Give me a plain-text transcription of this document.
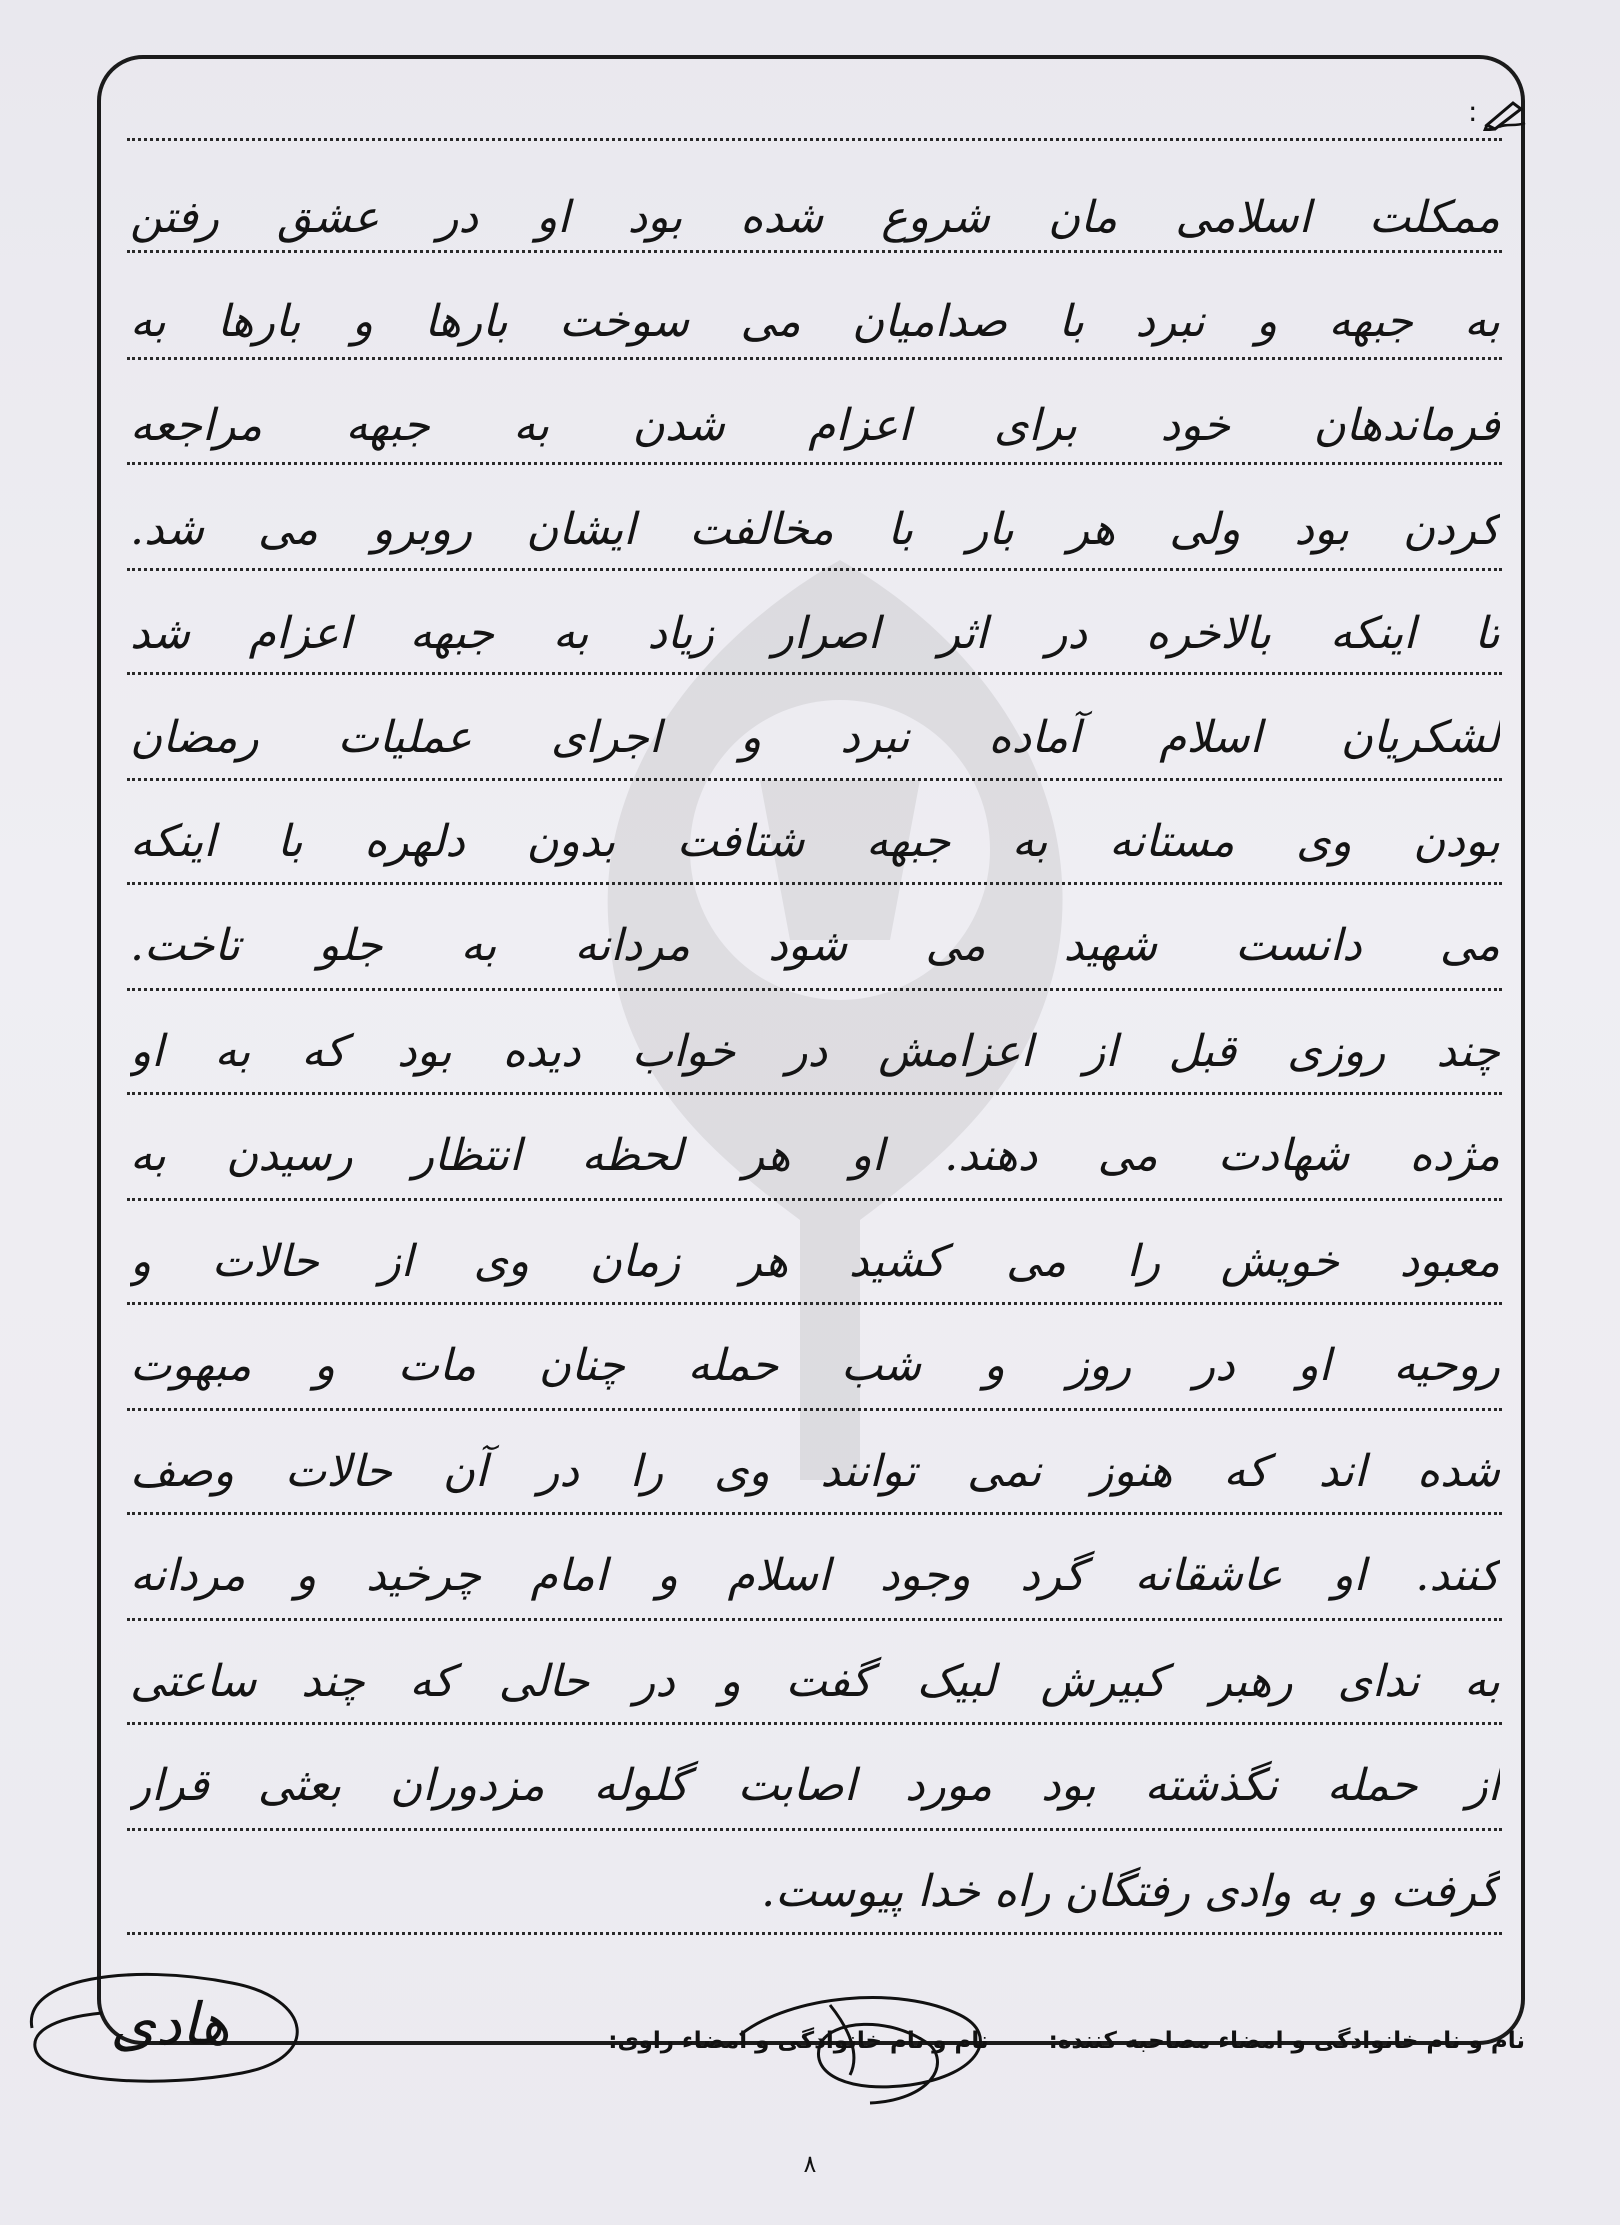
:
ممکلت اسلامی مان شروع شده بود او در عشق رفتن
به جبهه و نبرد با صدامیان می سوخت بارها و بارها به
فرماندهان خود برای اعزام شدن به جبهه مراجعه
کردن بود ولی هر بار با مخالفت ایشان روبرو می شد.
تا اینکه بالاخره در اثر اصرار زیاد به جبهه اعزام شد
لشکریان اسلام آماده نبرد و اجرای عملیات رمضان
بودن وی مستانه به جبهه شتافت بدون دلهره با اینکه
می دانست شهید می شود مردانه به جلو تاخت.
چند روزی قبل از اعزامش در خواب دیده بود که به او
مژده شهادت می دهند. او هر لحظه انتظار رسیدن به
معبود خویش را می کشید هر زمان وی از حالات و
روحیه او در روز و شب حمله چنان مات و مبهوت
شده اند که هنوز نمی توانند وی را در آن حالات وصف
کنند. او عاشقانه گرد وجود اسلام و امام چرخید و مردانه
به ندای رهبر کبیرش لبیک گفت و در حالی که چند ساعتی
از حمله نگذشته بود مورد اصابت گلوله مزدوران بعثی قرار
گرفت و به وادی رفتگان راه خدا پیوست.
نام و نام خانوادگی و امضاء مصاحبه کننده:
نام و نام خانوادگی و امضاء راوی:
هادی
۸
